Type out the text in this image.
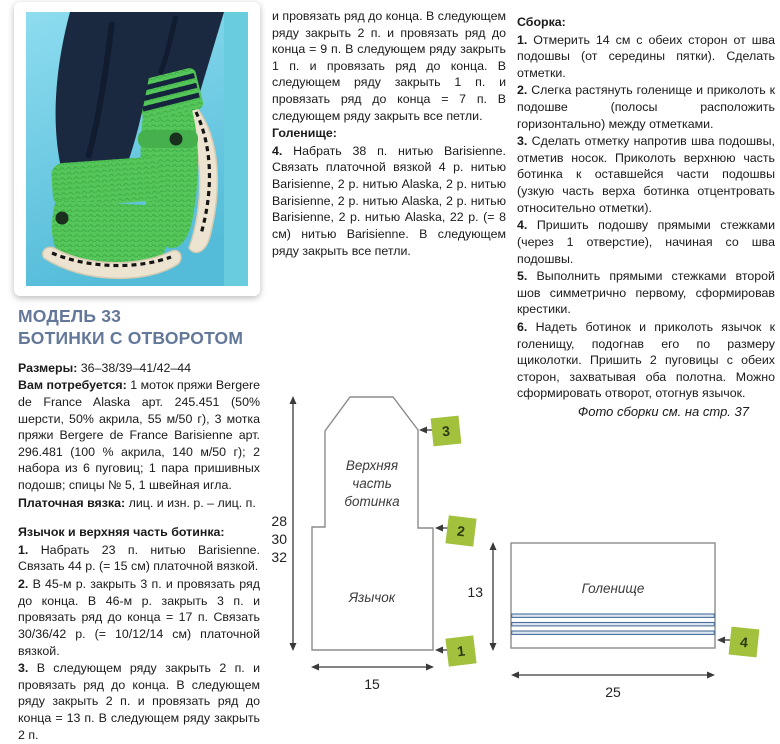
МОДЕЛЬ 33
БОТИНКИ С ОТВОРОТОМ

Размеры: 36–38/39–41/42–44

Вам потребуется: 1 моток пряжи Bergere de France Alaska арт. 245.451 (50% шерсти, 50% акрила, 55 м/50 г), 3 мотка пряжи Bergere de France Barisienne арт. 296.481 (100 % акрила, 140 м/50 г); 2 набора из 6 пуговиц; 1 пара пришивных подошв; спицы № 5, 1 швейная игла.

Платочная вязка: лиц. и изн. р. – лиц. п.

Язычок и верхняя часть ботинка:

1. Набрать 23 п. нитью Barisienne. Связать 44 р. (= 15 см) платочной вязкой.

2. В 45-м р. закрыть 3 п. и провязать ряд до конца. В 46-м р. закрыть 3 п. и провязать ряд до конца = 17 п. Связать 30/36/42 р. (= 10/12/14 см) платочной вязкой.

3. В следующем ряду закрыть 2 п. и провязать ряд до конца. В следующем ряду закрыть 2 п. и провязать ряд до конца = 13 п. В следующем ряду закрыть 2 п.

и провязать ряд до конца. В следующем ряду закрыть 2 п. и провязать ряд до конца = 9 п. В следующем ряду закрыть 1 п. и провязать ряд до конца. В следующем ряду закрыть 1 п. и провязать ряд до конца = 7 п. В следующем ряду закрыть все петли.

Голенище:

4. Набрать 38 п. нитью Barisienne. Связать платочной вязкой 4 р. нитью Barisienne, 2 р. нитью Alaska, 2 р. нитью Barisienne, 2 р. нитью Alaska, 2 р. нитью Barisienne, 2 р. нитью Alaska, 22 р. (= 8 см) нитью Barisienne. В следующем ряду закрыть все петли.

Сборка:

1. Отмерить 14 см с обеих сторон от шва подошвы (от середины пятки). Сделать отметки.

2. Слегка растянуть голенище и приколоть к подошве (полосы расположить горизонтально) между отметками.

3. Сделать отметку напротив шва подошвы, отметив носок. Приколоть верхнюю часть ботинка к оставшейся части подошвы (узкую часть верха ботинка отцентровать относительно отметки).

4. Пришить подошву прямыми стежками (через 1 отверстие), начиная со шва подошвы.

5. Выполнить прямыми стежками второй шов симметрично первому, сформировав крестики.

6. Надеть ботинок и приколоть язычок к голенищу, подогнав его по размеру щиколотки. Пришить 2 пуговицы с обеих сторон, захватывая оба полотна. Можно сформировать отворот, отогнув язычок.

Фото сборки см. на стр. 37

Верхняя
часть
ботинка
Язычок
28
30
32
15
Голенище
13
25
3
2
1
4
